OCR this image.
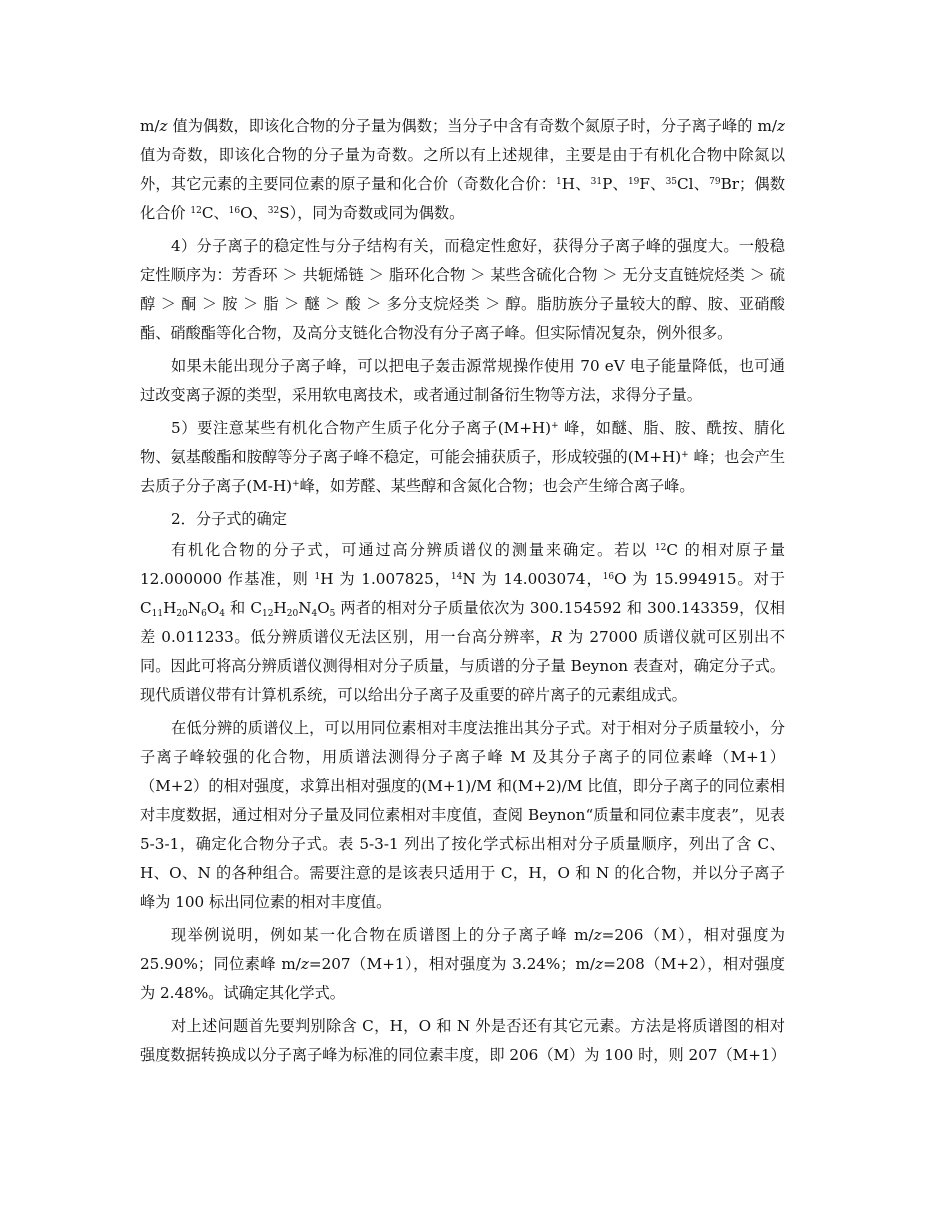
m/z 值为偶数，即该化合物的分子量为偶数；当分子中含有奇数个氮原子时，分子离子峰的 m/z 值为奇数，即该化合物的分子量为奇数。之所以有上述规律，主要是由于有机化合物中除氮以外，其它元素的主要同位素的原子量和化合价（奇数化合价：$^1$H、$^{31}$P、$^{19}$F、$^{35}$Cl、$^{79}$Br；偶数化合价 $^{12}$C、$^{16}$O、$^{32}$S），同为奇数或同为偶数。

4）分子离子的稳定性与分子结构有关，而稳定性愈好，获得分子离子峰的强度大。一般稳定性顺序为：芳香环 ＞ 共轭烯链 ＞ 脂环化合物 ＞ 某些含硫化合物 ＞ 无分支直链烷烃类 ＞ 硫醇 ＞ 酮 ＞ 胺 ＞ 脂 ＞ 醚 ＞ 酸 ＞ 多分支烷烃类 ＞ 醇。脂肪族分子量较大的醇、胺、亚硝酸酯、硝酸酯等化合物，及高分支链化合物没有分子离子峰。但实际情况复杂，例外很多。

如果未能出现分子离子峰，可以把电子轰击源常规操作使用 70 eV 电子能量降低，也可通过改变离子源的类型，采用软电离技术，或者通过制备衍生物等方法，求得分子量。

5）要注意某些有机化合物产生质子化分子离子(M+H)+ 峰，如醚、脂、胺、酰按、腈化物、氨基酸酯和胺醇等分子离子峰不稳定，可能会捕获质子，形成较强的(M+H)+ 峰；也会产生去质子分子离子(M-H)+峰，如芳醛、某些醇和含氮化合物；也会产生缔合离子峰。

2．分子式的确定

有机化合物的分子式，可通过高分辨质谱仪的测量来确定。若以 $^{12}$C 的相对原子量 12.000000 作基准，则 $^1$H 为 1.007825，$^{14}$N 为 14.003074，$^{16}$O 为 15.994915。对于 $C_{11}H_{20}N_6O_4$ 和 $C_{12}H_{20}N_4O_5$ 两者的相对分子质量依次为 300.154592 和 300.143359，仅相差 0.011233。低分辨质谱仪无法区别，用一台高分辨率，R 为 27000 质谱仪就可区别出不同。因此可将高分辨质谱仪测得相对分子质量，与质谱的分子量 Beynon 表查对，确定分子式。现代质谱仪带有计算机系统，可以给出分子离子及重要的碎片离子的元素组成式。

在低分辨的质谱仪上，可以用同位素相对丰度法推出其分子式。对于相对分子质量较小，分子离子峰较强的化合物，用质谱法测得分子离子峰 M 及其分子离子的同位素峰（M+1）（M+2）的相对强度，求算出相对强度的(M+1)/M 和(M+2)/M 比值，即分子离子的同位素相对丰度数据，通过相对分子量及同位素相对丰度值，查阅 Beynon“质量和同位素丰度表”，见表 5-3-1，确定化合物分子式。表 5-3-1 列出了按化学式标出相对分子质量顺序，列出了含 C、H、O、N 的各种组合。需要注意的是该表只适用于 C，H，O 和 N 的化合物，并以分子离子峰为 100 标出同位素的相对丰度值。

现举例说明，例如某一化合物在质谱图上的分子离子峰 m/z=206（M），相对强度为 25.90%；同位素峰 m/z=207（M+1），相对强度为 3.24%；m/z=208（M+2），相对强度为 2.48%。试确定其化学式。

对上述问题首先要判别除含 C，H，O 和 N 外是否还有其它元素。方法是将质谱图的相对强度数据转换成以分子离子峰为标准的同位素丰度，即 206（M）为 100 时，则 207（M+1）
